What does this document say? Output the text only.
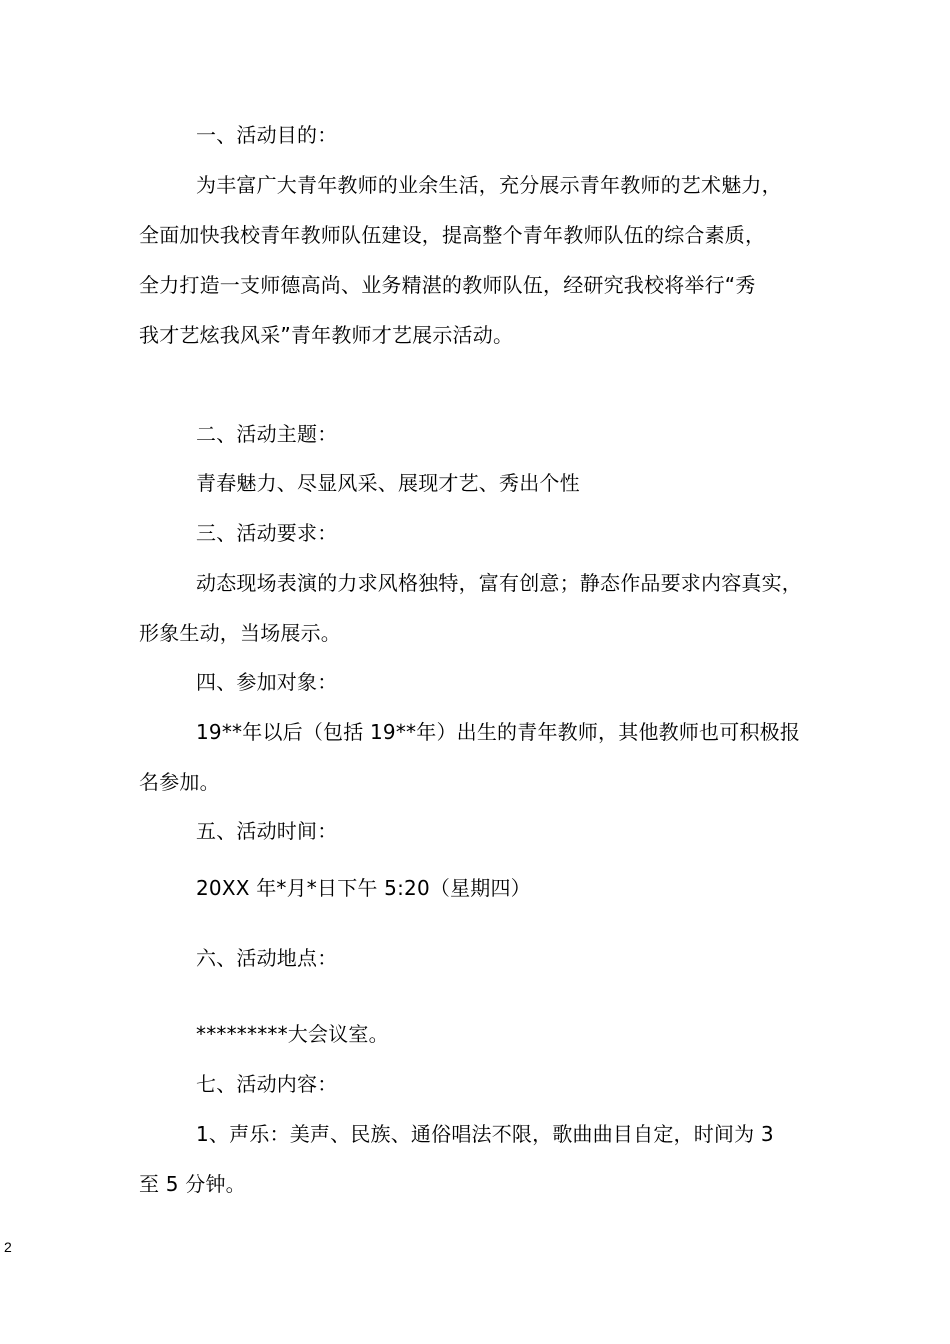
一、活动目的：
为丰富广大青年教师的业余生活，充分展示青年教师的艺术魅力，
全面加快我校青年教师队伍建设，提高整个青年教师队伍的综合素质，
全力打造一支师德高尚、业务精湛的教师队伍，经研究我校将举行“秀
我才艺炫我风采”青年教师才艺展示活动。
二、活动主题：
青春魅力、尽显风采、展现才艺、秀出个性
三、活动要求：
动态现场表演的力求风格独特，富有创意；静态作品要求内容真实，
形象生动，当场展示。
四、参加对象：
19**年以后（包括 19**年）出生的青年教师，其他教师也可积极报
名参加。
五、活动时间：
20XX 年*月*日下午 5:20（星期四）
六、活动地点：
*********大会议室。
七、活动内容：
1、声乐：美声、民族、通俗唱法不限，歌曲曲目自定，时间为 3
至 5 分钟。
2
